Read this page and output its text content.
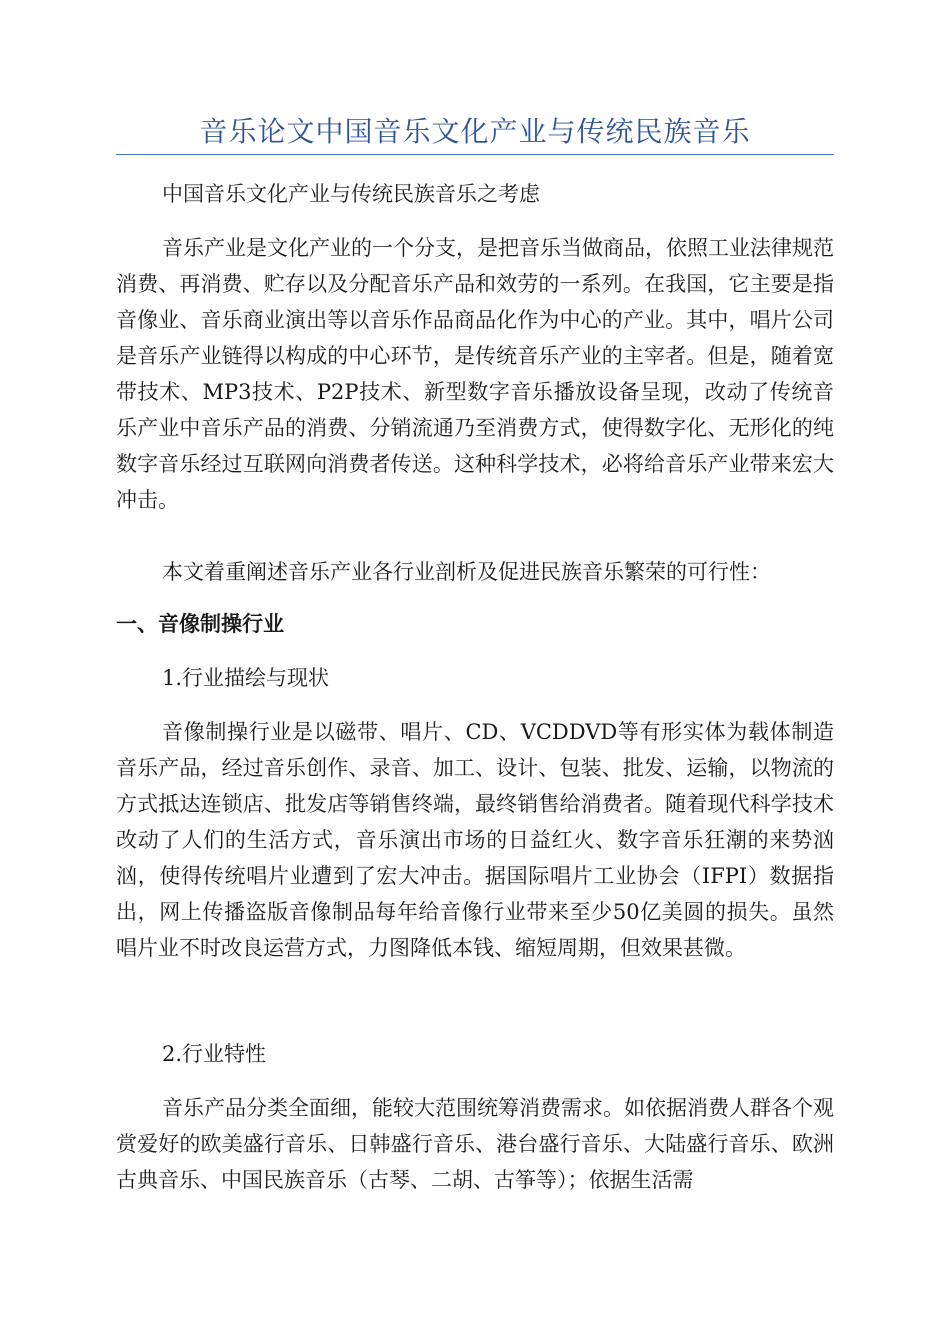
音乐论文中国音乐文化产业与传统民族音乐

中国音乐文化产业与传统民族音乐之考虑

音乐产业是文化产业的一个分支，是把音乐当做商品，依照工业法律规范消费、再消费、贮存以及分配音乐产品和效劳的一系列。在我国，它主要是指音像业、音乐商业演出等以音乐作品商品化作为中心的产业。其中，唱片公司是音乐产业链得以构成的中心环节，是传统音乐产业的主宰者。但是，随着宽带技术、MP3技术、P2P技术、新型数字音乐播放设备呈现，改动了传统音乐产业中音乐产品的消费、分销流通乃至消费方式，使得数字化、无形化的纯数字音乐经过互联网向消费者传送。这种科学技术，必将给音乐产业带来宏大冲击。

本文着重阐述音乐产业各行业剖析及促进民族音乐繁荣的可行性：

一、音像制操行业

1.行业描绘与现状

音像制操行业是以磁带、唱片、CD、VCDDVD等有形实体为载体制造音乐产品，经过音乐创作、录音、加工、设计、包装、批发、运输，以物流的方式抵达连锁店、批发店等销售终端，最终销售给消费者。随着现代科学技术改动了人们的生活方式，音乐演出市场的日益红火、数字音乐狂潮的来势汹汹，使得传统唱片业遭到了宏大冲击。据国际唱片工业协会（IFPI）数据指出，网上传播盗版音像制品每年给音像行业带来至少50亿美圆的损失。虽然唱片业不时改良运营方式，力图降低本钱、缩短周期，但效果甚微。

2.行业特性

音乐产品分类全面细，能较大范围统筹消费需求。如依据消费人群各个观赏爱好的欧美盛行音乐、日韩盛行音乐、港台盛行音乐、大陆盛行音乐、欧洲古典音乐、中国民族音乐（古琴、二胡、古筝等）；依据生活需
